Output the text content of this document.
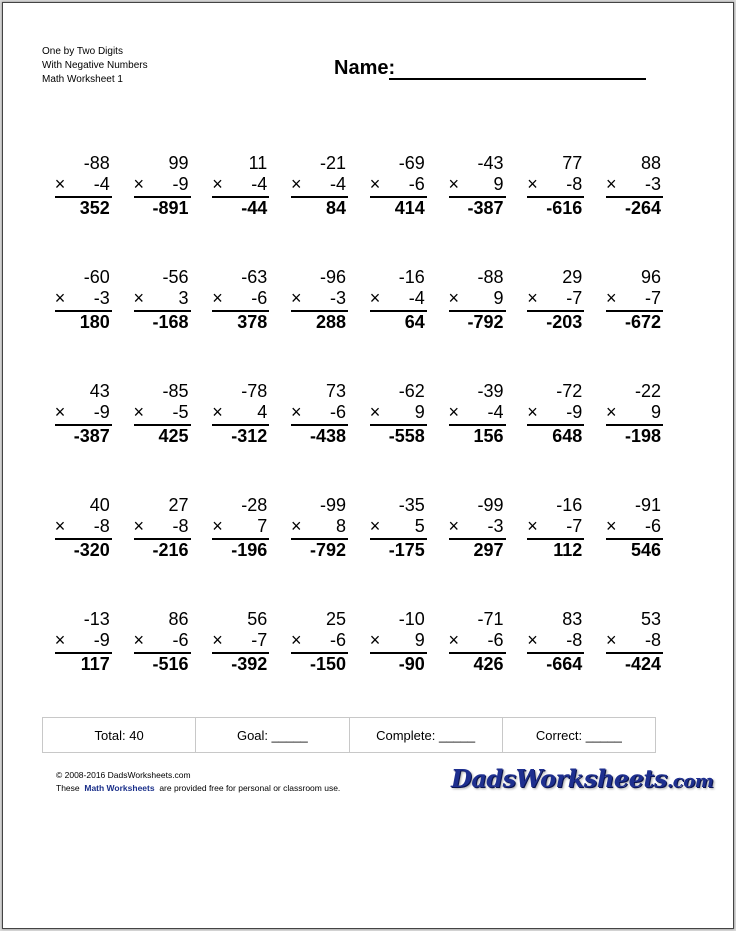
One by Two Digits
With Negative Numbers
Math Worksheet 1
Name:
-88
× -4
352
99
× -9
-891
11
× -4
-44
-21
× -4
84
-69
× -6
414
-43
× 9
-387
77
× -8
-616
88
× -3
-264
-60
× -3
180
-56
× 3
-168
-63
× -6
378
-96
× -3
288
-16
× -4
64
-88
× 9
-792
29
× -7
-203
96
× -7
-672
43
× -9
-387
-85
× -5
425
-78
× 4
-312
73
× -6
-438
-62
× 9
-558
-39
× -4
156
-72
× -9
648
-22
× 9
-198
40
× -8
-320
27
× -8
-216
-28
× 7
-196
-99
× 8
-792
-35
× 5
-175
-99
× -3
297
-16
× -7
112
-91
× -6
546
-13
× -9
117
86
× -6
-516
56
× -7
-392
25
× -6
-150
-10
× 9
-90
-71
× -6
426
83
× -8
-664
53
× -8
-424
Total: 40	Goal: _____	Complete: _____	Correct: _____
© 2008-2016 DadsWorksheets.com
These Math Worksheets are provided free for personal or classroom use.	DadsWorksheets.com
